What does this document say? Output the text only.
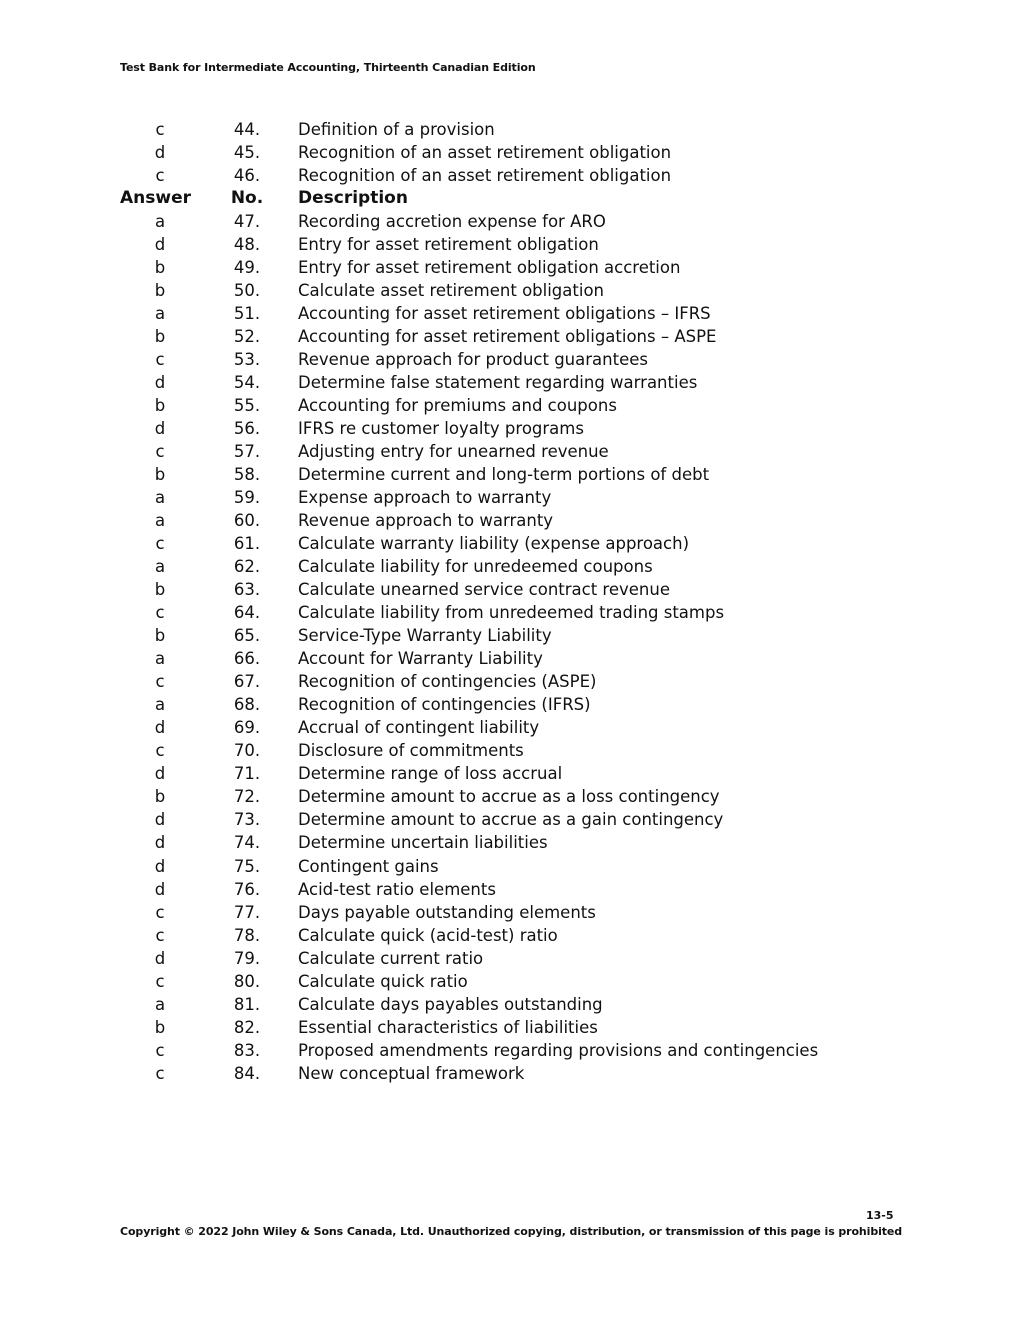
Test Bank for Intermediate Accounting, Thirteenth Canadian Edition
c	44.	Definition of a provision
d	45.	Recognition of an asset retirement obligation
c	46.	Recognition of an asset retirement obligation
Answer	No.	Description
a	47.	Recording accretion expense for ARO
d	48.	Entry for asset retirement obligation
b	49.	Entry for asset retirement obligation accretion
b	50.	Calculate asset retirement obligation
a	51.	Accounting for asset retirement obligations – IFRS
b	52.	Accounting for asset retirement obligations – ASPE
c	53.	Revenue approach for product guarantees
d	54.	Determine false statement regarding warranties
b	55.	Accounting for premiums and coupons
d	56.	IFRS re customer loyalty programs
c	57.	Adjusting entry for unearned revenue
b	58.	Determine current and long-term portions of debt
a	59.	Expense approach to warranty
a	60.	Revenue approach to warranty
c	61.	Calculate warranty liability (expense approach)
a	62.	Calculate liability for unredeemed coupons
b	63.	Calculate unearned service contract revenue
c	64.	Calculate liability from unredeemed trading stamps
b	65.	Service-Type Warranty Liability
a	66.	Account for Warranty Liability
c	67.	Recognition of contingencies (ASPE)
a	68.	Recognition of contingencies (IFRS)
d	69.	Accrual of contingent liability
c	70.	Disclosure of commitments
d	71.	Determine range of loss accrual
b	72.	Determine amount to accrue as a loss contingency
d	73.	Determine amount to accrue as a gain contingency
d	74.	Determine uncertain liabilities
d	75.	Contingent gains
d	76.	Acid-test ratio elements
c	77.	Days payable outstanding elements
c	78.	Calculate quick (acid-test) ratio
d	79.	Calculate current ratio
c	80.	Calculate quick ratio
a	81.	Calculate days payables outstanding
b	82.	Essential characteristics of liabilities
c	83.	Proposed amendments regarding provisions and contingencies
c	84.	New conceptual framework
13-5
Copyright © 2022 John Wiley & Sons Canada, Ltd. Unauthorized copying, distribution, or transmission of this page is prohibited
